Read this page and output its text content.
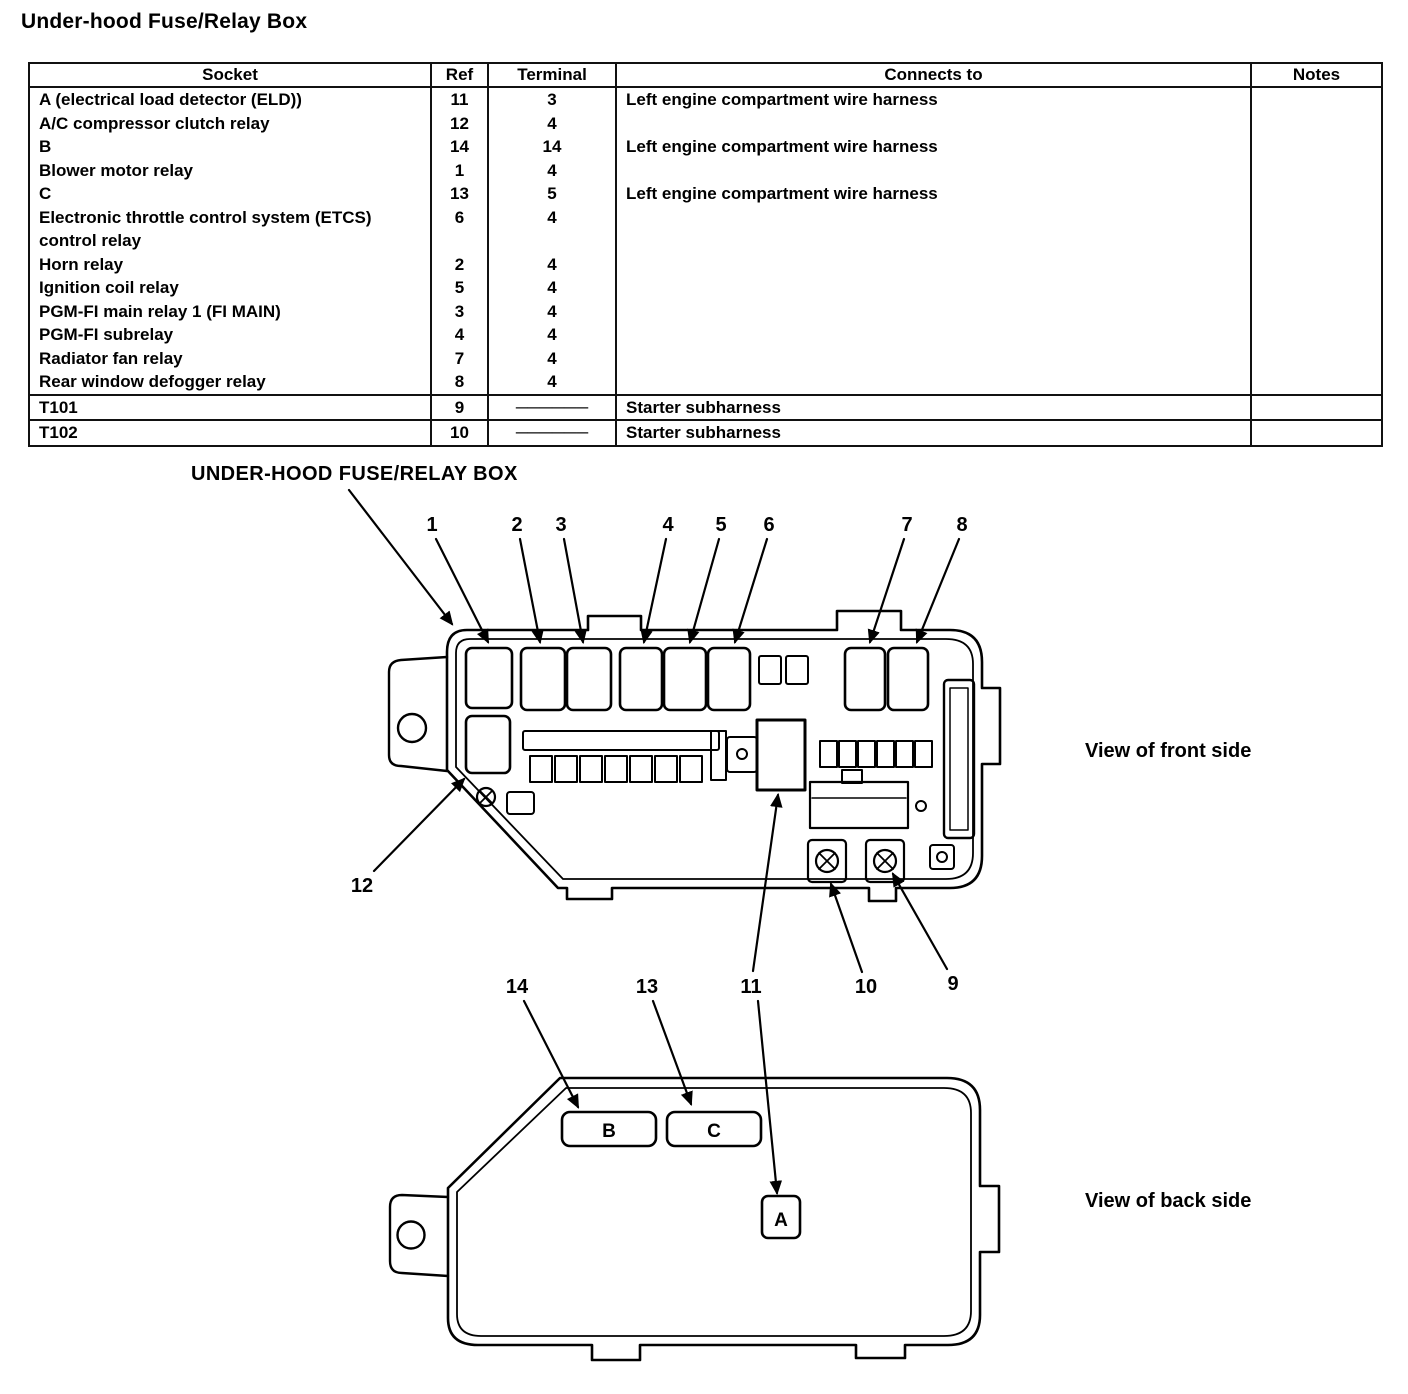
Under-hood Fuse/Relay Box
Socket	Ref	Terminal	Connects to	Notes
A (electrical load detector (ELD))	11	3	Left engine compartment wire harness	
A/C compressor clutch relay	12	4		
B	14	14	Left engine compartment wire harness	
Blower motor relay	1	4		
C	13	5	Left engine compartment wire harness	
Electronic throttle control system (ETCS) control relay	6	4		
Horn relay	2	4		
Ignition coil relay	5	4		
PGM-FI main relay 1 (FI MAIN)	3	4		
PGM-FI subrelay	4	4		
Radiator fan relay	7	4		
Rear window defogger relay	8	4		
T101	9	──────	Starter subharness	
T102	10	──────	Starter subharness	
UNDER-HOOD FUSE/RELAY BOX
1	2 3	4 5 6	7 8
12
10	9
11
View of front side
14	13
B	C
A
View of back side
